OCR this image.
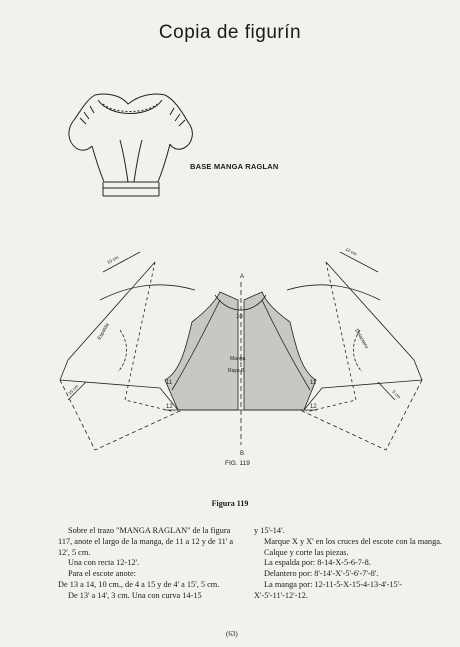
Copia de figurín
BASE MANGA RAGLAN
A
B
10
11
12
11
12
Espalda	Delantero
Manga
Raya B
10 cm
12 cm
15 cm	5 cm
FIG. 119
Figura 119

Sobre el trazo "MANGA RAGLAN" de la figura 117, anote el largo de la manga, de 11 a 12 y de 11' a 12', 5 cm.

Una con recta 12-12'.

Para el escote anote:

De 13 a 14, 10 cm., de 4 a 15 y de 4' a 15', 5 cm.

De 13' a 14', 3 cm. Una con curva 14-15

y 15'-14'.

Marque X y X' en los cruces del escote con la manga.

Calque y corte las piezas.

La espalda por: 8-14-X-5-6-7-8.

Delantero por: 8'-14'-X'-5'-6'-7'-8'.

La manga por: 12-11-5-X-15-4-13-4'-15'-X'-5'-11'-12'-12.

(63)
